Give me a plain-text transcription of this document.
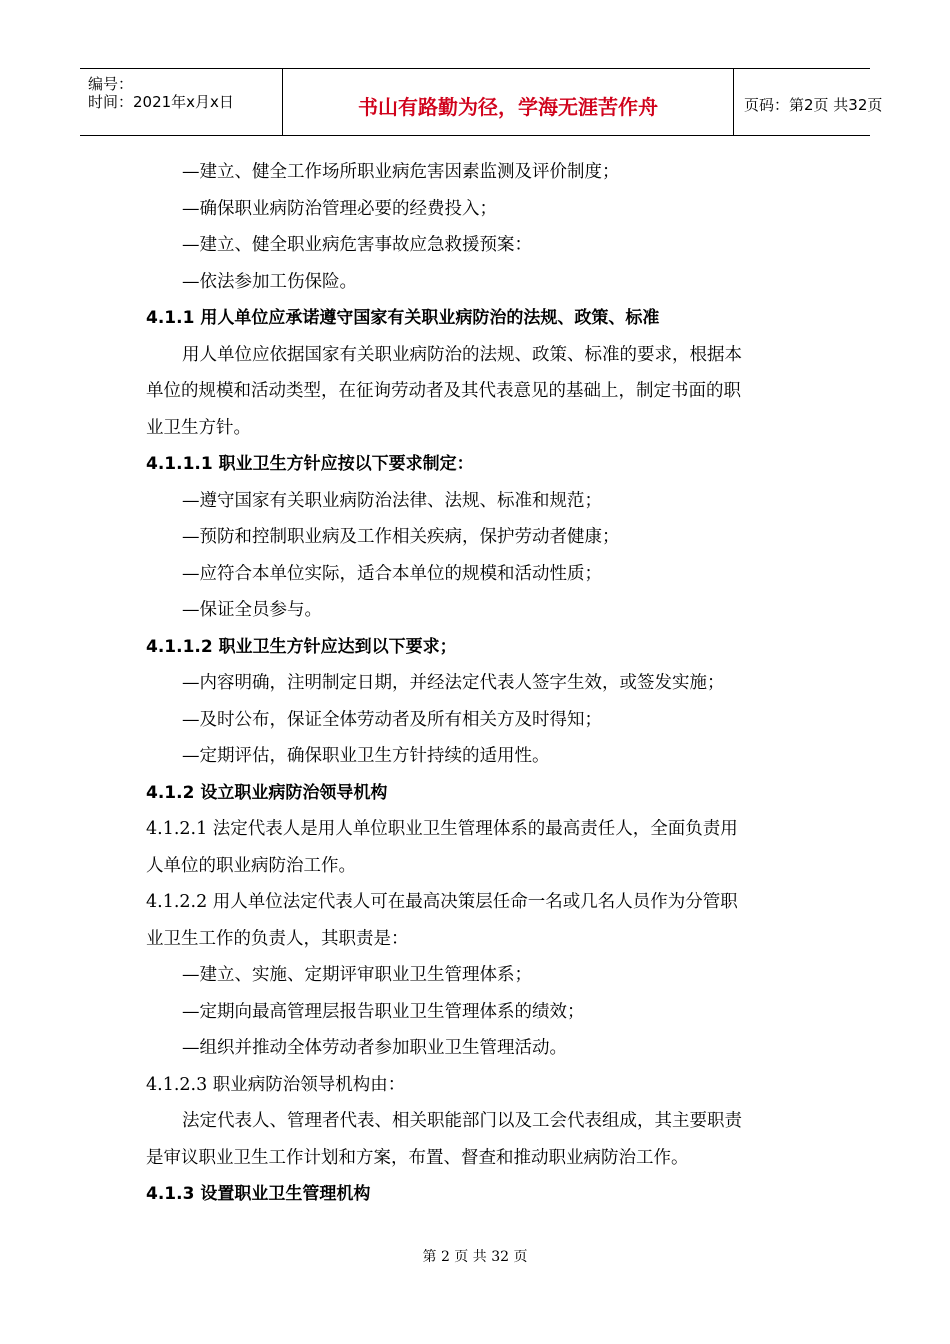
编号：
时间：2021年x月x日	书山有路勤为径，学海无涯苦作舟	页码：第2页 共32页
—建立、健全工作场所职业病危害因素监测及评价制度；
—确保职业病防治管理必要的经费投入；
—建立、健全职业病危害事故应急救援预案：
—依法参加工伤保险。
4.1.1 用人单位应承诺遵守国家有关职业病防治的法规、政策、标准
用人单位应依据国家有关职业病防治的法规、政策、标准的要求，根据本
单位的规模和活动类型，在征询劳动者及其代表意见的基础上，制定书面的职
业卫生方针。
4.1.1.1 职业卫生方针应按以下要求制定：
—遵守国家有关职业病防治法律、法规、标准和规范；
—预防和控制职业病及工作相关疾病，保护劳动者健康；
—应符合本单位实际，适合本单位的规模和活动性质；
—保证全员参与。
4.1.1.2 职业卫生方针应达到以下要求；
—内容明确，注明制定日期，并经法定代表人签字生效，或签发实施；
—及时公布，保证全体劳动者及所有相关方及时得知；
—定期评估，确保职业卫生方针持续的适用性。
4.1.2 设立职业病防治领导机构
4.1.2.1 法定代表人是用人单位职业卫生管理体系的最高责任人，全面负责用
人单位的职业病防治工作。
4.1.2.2 用人单位法定代表人可在最高决策层任命一名或几名人员作为分管职
业卫生工作的负责人，其职责是：
—建立、实施、定期评审职业卫生管理体系；
—定期向最高管理层报告职业卫生管理体系的绩效；
—组织并推动全体劳动者参加职业卫生管理活动。
4.1.2.3 职业病防治领导机构由：
法定代表人、管理者代表、相关职能部门以及工会代表组成，其主要职责
是审议职业卫生工作计划和方案，布置、督查和推动职业病防治工作。
4.1.3 设置职业卫生管理机构
第 2 页 共 32 页
